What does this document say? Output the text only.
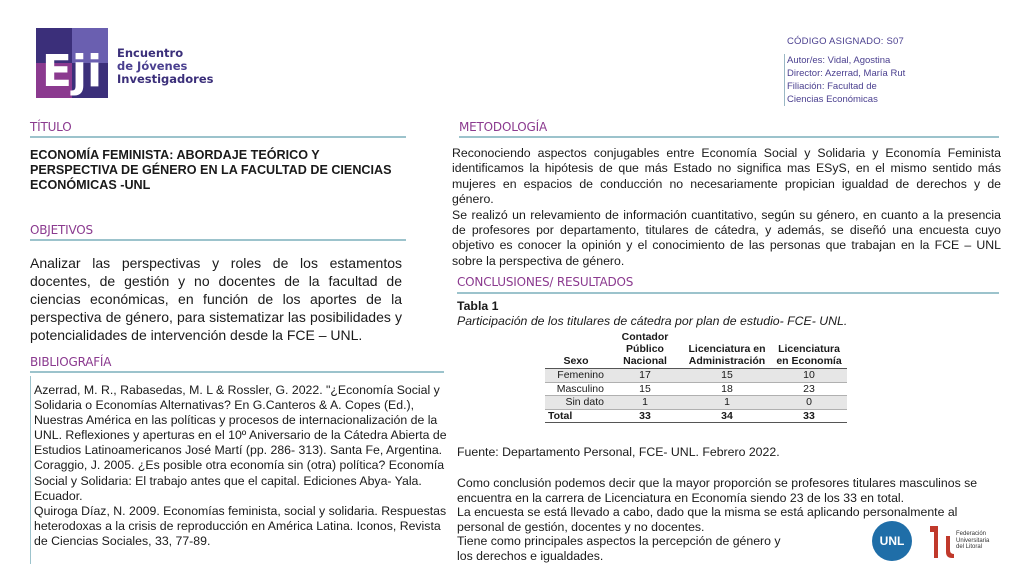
Eji Encuentro
de Jóvenes
Investigadores
CÓDIGO ASIGNADO: S07
Autor/es: Vidal, Agostina
Director: Azerrad, María Rut
Filiación: Facultad de
Ciencias Económicas
TÍTULO
ECONOMÍA FEMINISTA: ABORDAJE TEÓRICO Y PERSPECTIVA DE GÉNERO EN LA FACULTAD DE CIENCIAS ECONÓMICAS -UNL
OBJETIVOS
Analizar las perspectivas y roles de los estamentos docentes, de gestión y no docentes de la facultad de ciencias económicas, en función de los aportes de la perspectiva de género, para sistematizar las posibilidades y potencialidades de intervención desde la FCE – UNL.
BIBLIOGRAFÍA

Azerrad, M. R., Rabasedas, M. L & Rossler, G. 2022. "¿Economía Social y Solidaria o Economías Alternativas? En G.Canteros & A. Copes (Ed.), Nuestras América en las políticas y procesos de internacionalización de la UNL. Reflexiones y aperturas en el 10º Aniversario de la Cátedra Abierta de Estudios Latinoamericanos José Martí (pp. 286- 313). Santa Fe, Argentina.

Coraggio, J. 2005. ¿Es posible otra economía sin (otra) política? Economía Social y Solidaria: El trabajo antes que el capital. Ediciones Abya- Yala. Ecuador.

Quiroga Díaz, N. 2009. Economías feminista, social y solidaria. Respuestas heterodoxas a la crisis de reproducción en América Latina. Iconos, Revista de Ciencias Sociales, 33, 77-89.

METODOLOGÍA

Reconociendo aspectos conjugables entre Economía Social y Solidaria y Economía Feminista identificamos la hipótesis de que más Estado no significa mas ESyS, en el mismo sentido más mujeres en espacios de conducción no necesariamente propician igualdad de derechos y de género.

Se realizó un relevamiento de información cuantitativo, según su género, en cuanto a la presencia de profesores por departamento, titulares de cátedra, y además, se diseñó una encuesta cuyo objetivo es conocer la opinión y el conocimiento de las personas que trabajan en la FCE – UNL sobre la perspectiva de género.

CONCLUSIONES/ RESULTADOS
Tabla 1
Participación de los titulares de cátedra por plan de estudio- FCE- UNL.
Sexo	Contador Público Nacional	Licenciatura en Administración	Licenciatura en Economía
Femenino	17	15	10
Masculino	15	18	23
Sin dato	1	1	0
Total	33	34	33
Fuente: Departamento Personal, FCE- UNL. Febrero 2022.

Como conclusión podemos decir que la mayor proporción se profesores titulares masculinos se encuentra en la carrera de Licenciatura en Economía siendo 23 de los 33 en total.

La encuesta se está llevado a cabo, dado que la misma se está aplicando personalmente al personal de gestión, docentes y no docentes.

Tiene como principales aspectos la percepción de género y

los derechos e igualdades.

UNL	Federación Universitaria del Litoral
